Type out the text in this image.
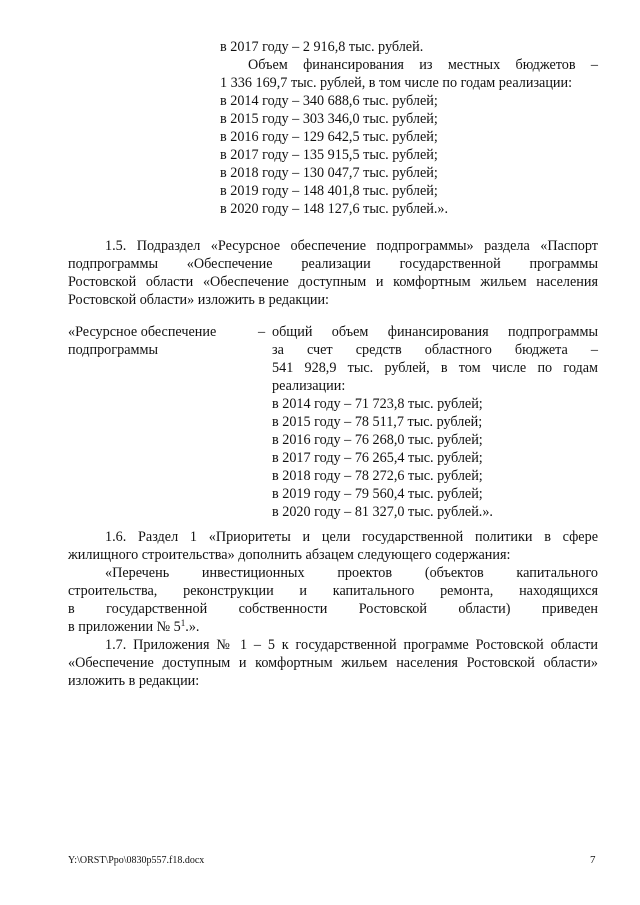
в 2017 году – 2 916,8 тыс. рублей.
Объем финансирования из местных бюджетов –
1 336 169,7 тыс. рублей, в том числе по годам реализации:
в 2014 году – 340 688,6 тыс. рублей;
в 2015 году – 303 346,0 тыс. рублей;
в 2016 году – 129 642,5 тыс. рублей;
в 2017 году – 135 915,5 тыс. рублей;
в 2018 году – 130 047,7 тыс. рублей;
в 2019 году – 148 401,8 тыс. рублей;
в 2020 году – 148 127,6 тыс. рублей.».
1.5. Подраздел «Ресурсное обеспечение подпрограммы» раздела «Паспорт
подпрограммы «Обеспечение реализации государственной программы
Ростовской области «Обеспечение доступным и комфортным жильем населения
Ростовской области» изложить в редакции:
«Ресурсное обеспечение
подпрограммы
– общий объем финансирования подпрограммы
за счет средств областного бюджета –
541 928,9 тыс. рублей, в том числе по годам
реализации:
в 2014 году – 71 723,8 тыс. рублей;
в 2015 году – 78 511,7 тыс. рублей;
в 2016 году – 76 268,0 тыс. рублей;
в 2017 году – 76 265,4 тыс. рублей;
в 2018 году – 78 272,6 тыс. рублей;
в 2019 году – 79 560,4 тыс. рублей;
в 2020 году – 81 327,0 тыс. рублей.».
1.6. Раздел 1 «Приоритеты и цели государственной политики в сфере
жилищного строительства» дополнить абзацем следующего содержания:
«Перечень инвестиционных проектов (объектов капитального
строительства, реконструкции и капитального ремонта, находящихся
в государственной собственности Ростовской области) приведен
в приложении № $5^1$.».
1.7. Приложения № 1 – 5 к государственной программе Ростовской области
«Обеспечение доступным и комфортным жильем населения Ростовской области»
изложить в редакции:
Y:\ORST\Ppo\0830p557.f18.docx	7
